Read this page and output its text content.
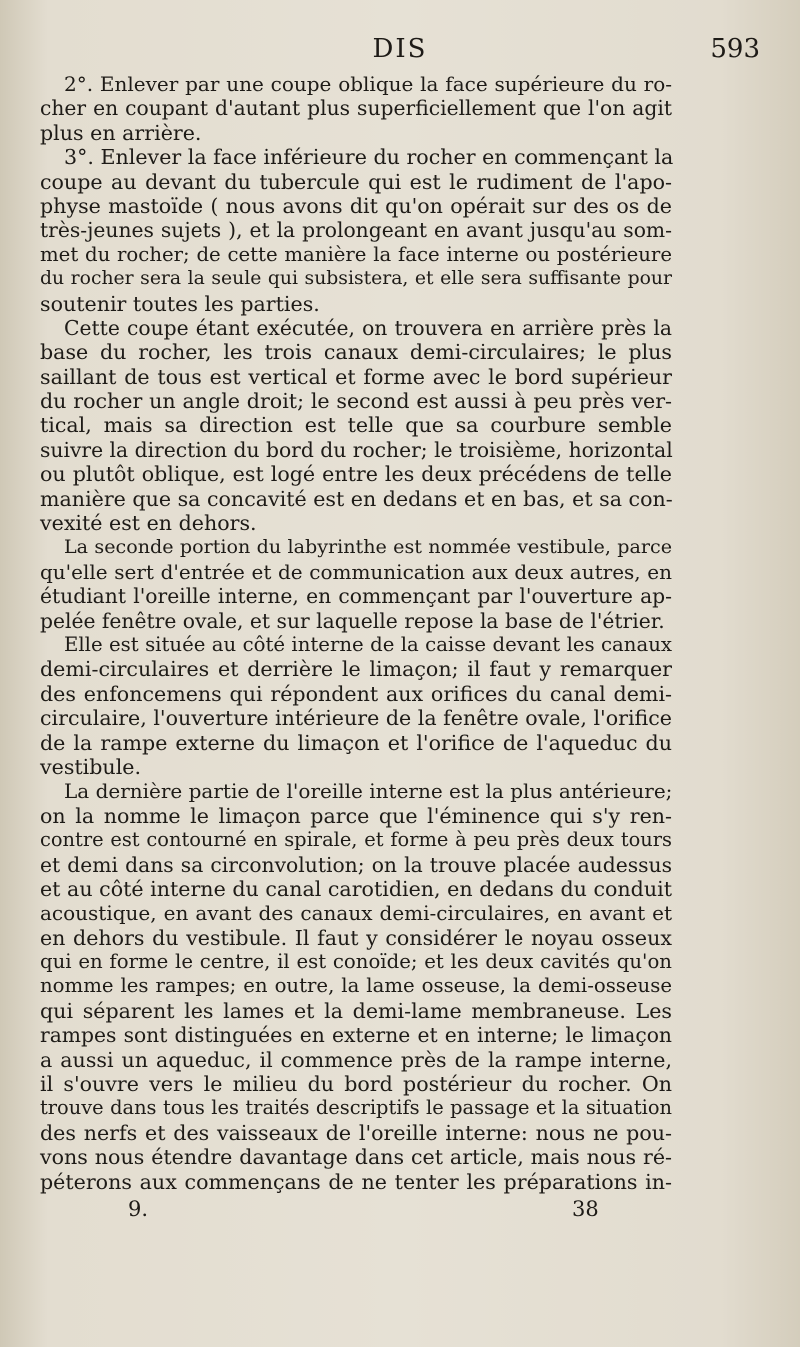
DIS	593
2°. Enlever par une coupe oblique la face supérieure du ro-
cher en coupant d'autant plus superficiellement que l'on agit
plus en arrière.
3°. Enlever la face inférieure du rocher en commençant la
coupe au devant du tubercule qui est le rudiment de l'apo-
physe mastoïde ( nous avons dit qu'on opérait sur des os de
très-jeunes sujets ), et la prolongeant en avant jusqu'au som-
met du rocher; de cette manière la face interne ou postérieure
du rocher sera la seule qui subsistera, et elle sera suffisante pour
soutenir toutes les parties.
Cette coupe étant exécutée, on trouvera en arrière près la
base du rocher, les trois canaux demi-circulaires; le plus
saillant de tous est vertical et forme avec le bord supérieur
du rocher un angle droit; le second est aussi à peu près ver-
tical, mais sa direction est telle que sa courbure semble
suivre la direction du bord du rocher; le troisième, horizontal
ou plutôt oblique, est logé entre les deux précédens de telle
manière que sa concavité est en dedans et en bas, et sa con-
vexité est en dehors.
La seconde portion du labyrinthe est nommée vestibule, parce
qu'elle sert d'entrée et de communication aux deux autres, en
étudiant l'oreille interne, en commençant par l'ouverture ap-
pelée fenêtre ovale, et sur laquelle repose la base de l'étrier.
Elle est située au côté interne de la caisse devant les canaux
demi-circulaires et derrière le limaçon; il faut y remarquer
des enfoncemens qui répondent aux orifices du canal demi-
circulaire, l'ouverture intérieure de la fenêtre ovale, l'orifice
de la rampe externe du limaçon et l'orifice de l'aqueduc du
vestibule.
La dernière partie de l'oreille interne est la plus antérieure;
on la nomme le limaçon parce que l'éminence qui s'y ren-
contre est contourné en spirale, et forme à peu près deux tours
et demi dans sa circonvolution; on la trouve placée audessus
et au côté interne du canal carotidien, en dedans du conduit
acoustique, en avant des canaux demi-circulaires, en avant et
en dehors du vestibule. Il faut y considérer le noyau osseux
qui en forme le centre, il est conoïde; et les deux cavités qu'on
nomme les rampes; en outre, la lame osseuse, la demi-osseuse
qui séparent les lames et la demi-lame membraneuse. Les
rampes sont distinguées en externe et en interne; le limaçon
a aussi un aqueduc, il commence près de la rampe interne,
il s'ouvre vers le milieu du bord postérieur du rocher. On
trouve dans tous les traités descriptifs le passage et la situation
des nerfs et des vaisseaux de l'oreille interne: nous ne pou-
vons nous étendre davantage dans cet article, mais nous ré-
péterons aux commençans de ne tenter les préparations in-
9.	38
